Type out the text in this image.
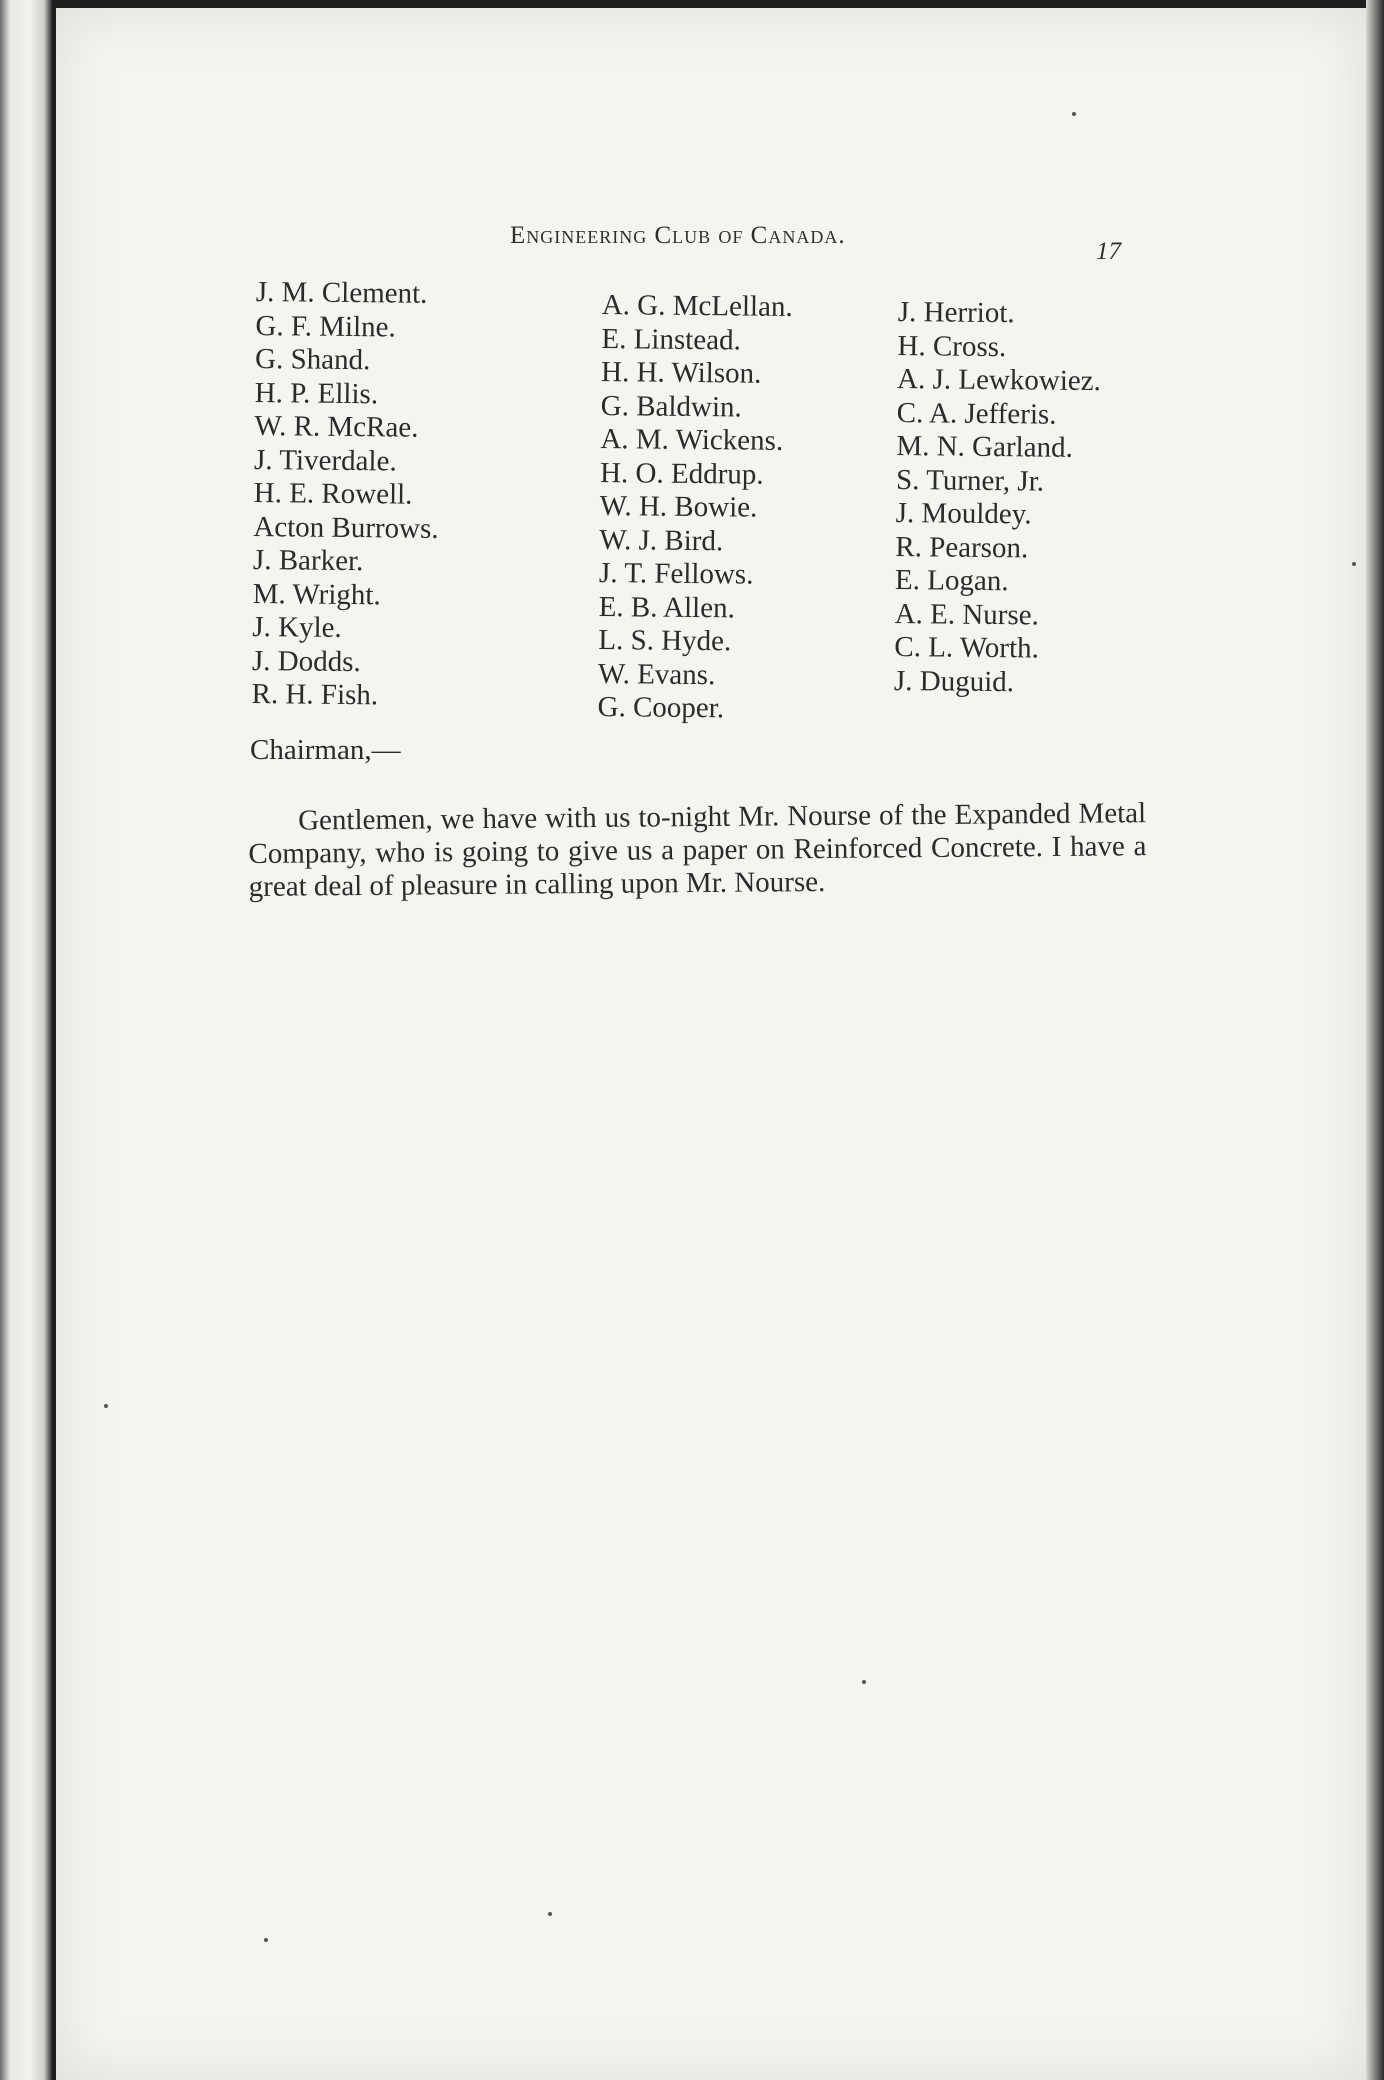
Engineering Club of Canada.
17
J. M. Clement.
G. F. Milne.
G. Shand.
H. P. Ellis.
W. R. McRae.
J. Tiverdale.
H. E. Rowell.
Acton Burrows.
J. Barker.
M. Wright.
J. Kyle.
J. Dodds.
R. H. Fish.
A. G. McLellan.
E. Linstead.
H. H. Wilson.
G. Baldwin.
A. M. Wickens.
H. O. Eddrup.
W. H. Bowie.
W. J. Bird.
J. T. Fellows.
E. B. Allen.
L. S. Hyde.
W. Evans.
G. Cooper.
J. Herriot.
H. Cross.
A. J. Lewkowiez.
C. A. Jefferis.
M. N. Garland.
S. Turner, Jr.
J. Mouldey.
R. Pearson.
E. Logan.
A. E. Nurse.
C. L. Worth.
J. Duguid.
Chairman,—

Gentlemen, we have with us to-night Mr. Nourse of the Expanded Metal Company, who is going to give us a paper on Reinforced Concrete. I have a great deal of pleasure in calling upon Mr. Nourse.
